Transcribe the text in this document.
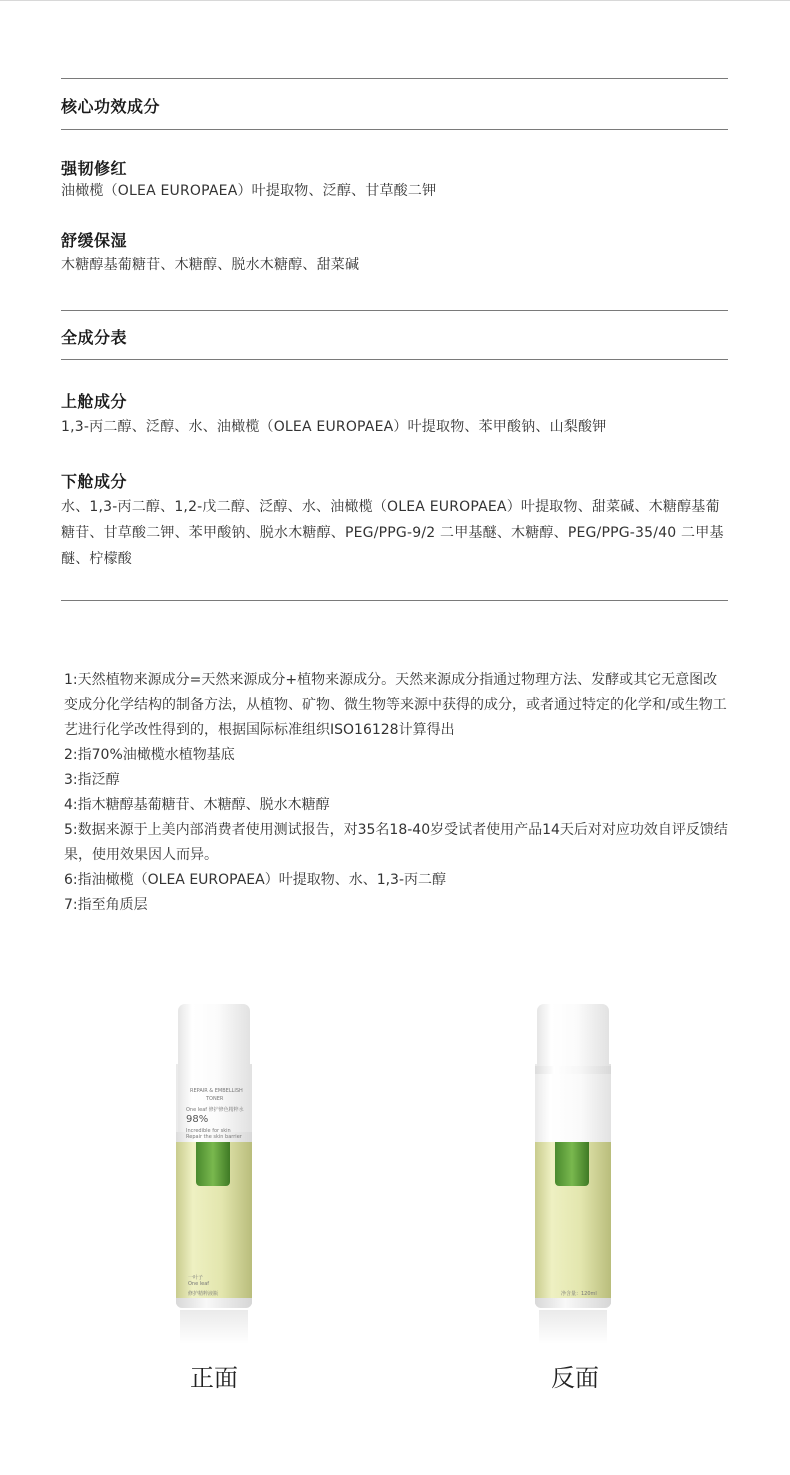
核心功效成分
强韧修红
油橄榄（OLEA EUROPAEA）叶提取物、泛醇、甘草酸二钾
舒缓保湿
木糖醇基葡糖苷、木糖醇、脱水木糖醇、甜菜碱
全成分表
上舱成分
1,3-丙二醇、泛醇、水、油橄榄（OLEA EUROPAEA）叶提取物、苯甲酸钠、山梨酸钾
下舱成分
水、1,3-丙二醇、1,2-戊二醇、泛醇、水、油橄榄（OLEA EUROPAEA）叶提取物、甜菜碱、木糖醇基葡糖苷、甘草酸二钾、苯甲酸钠、脱水木糖醇、PEG/PPG-9/2 二甲基醚、木糖醇、PEG/PPG-35/40 二甲基醚、柠檬酸

1:天然植物来源成分=天然来源成分+植物来源成分。天然来源成分指通过物理方法、发酵或其它无意图改变成分化学结构的制备方法，从植物、矿物、微生物等来源中获得的成分，或者通过特定的化学和/或生物工艺进行化学改性得到的，根据国际标准组织ISO16128计算得出

2:指70%油橄榄水植物基底

3:指泛醇

4:指木糖醇基葡糖苷、木糖醇、脱水木糖醇

5:数据来源于上美内部消费者使用测试报告，对35名18-40岁受试者使用产品14天后对对应功效自评反馈结果，使用效果因人而异。

6:指油橄榄（OLEA EUROPAEA）叶提取物、水、1,3-丙二醇

7:指至角质层

REPAIR & EMBELLISH
TONER
One leaf 修护修色精粹水
98%
Incredible for skin
Repair the skin barrier
一叶子
One leaf
修护精粹液瓶
正面
净含量：120ml
反面
